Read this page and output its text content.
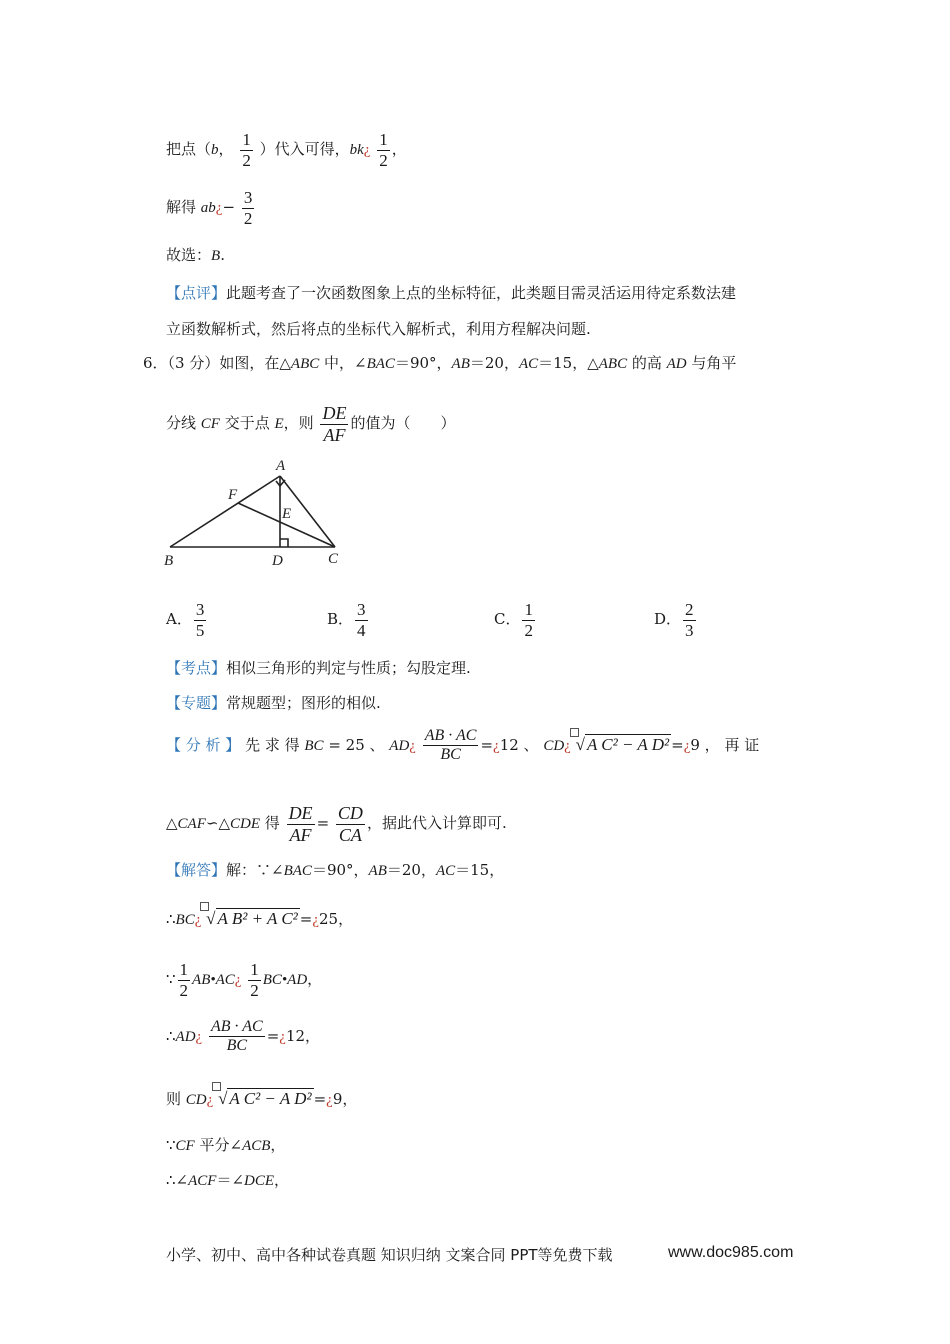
把点（b， $\frac{1}{2}$ ）代入可得，bk¿ $\frac{1}{2}$ ，
解得 ab¿− $\frac{3}{2}$
故选：B.
【点评】此题考查了一次函数图象上点的坐标特征，此类题目需灵活运用待定系数法建
立函数解析式，然后将点的坐标代入解析式，利用方程解决问题.
6．（3 分）如图，在△ABC 中，∠BAC＝90°，AB＝20，AC＝15，△ABC 的高 AD 与角平
分线 CF 交于点 E，则 $\frac{DE}{AF}$ 的值为（　　）
A
B	C
D
E
F
A． $\frac{3}{5}$	B． $\frac{3}{4}$	C． $\frac{1}{2}$	D． $\frac{2}{3}$
【考点】相似三角形的判定与性质；勾股定理.
【专题】常规题型；图形的相似.
【 分 析 】 先 求 得 BC = 25 、 AD¿ $\frac{AB \cdot AC}{BC}$ =¿12 、 CD¿ √ A C² − A D² =¿9 ， 再 证
△CAF∽△CDE 得 $\frac{DE}{AF} = \frac{CD}{CA}$ ，据此代入计算即可.
【解答】解：∵∠BAC＝90°，AB＝20，AC＝15，
∴BC¿ √ A B² + A C² =¿25，
∵ $\frac{1}{2}$ AB•AC¿ $\frac{1}{2}$ BC•AD，
∴AD¿ $\frac{AB \cdot AC}{BC}$ =¿12，
则 CD¿ √ A C² − A D² =¿9，
∵CF 平分∠ACB，
∴∠ACF＝∠DCE，
小学、初中、高中各种试卷真题 知识归纳 文案合同 PPT等免费下载	www.doc985.com
